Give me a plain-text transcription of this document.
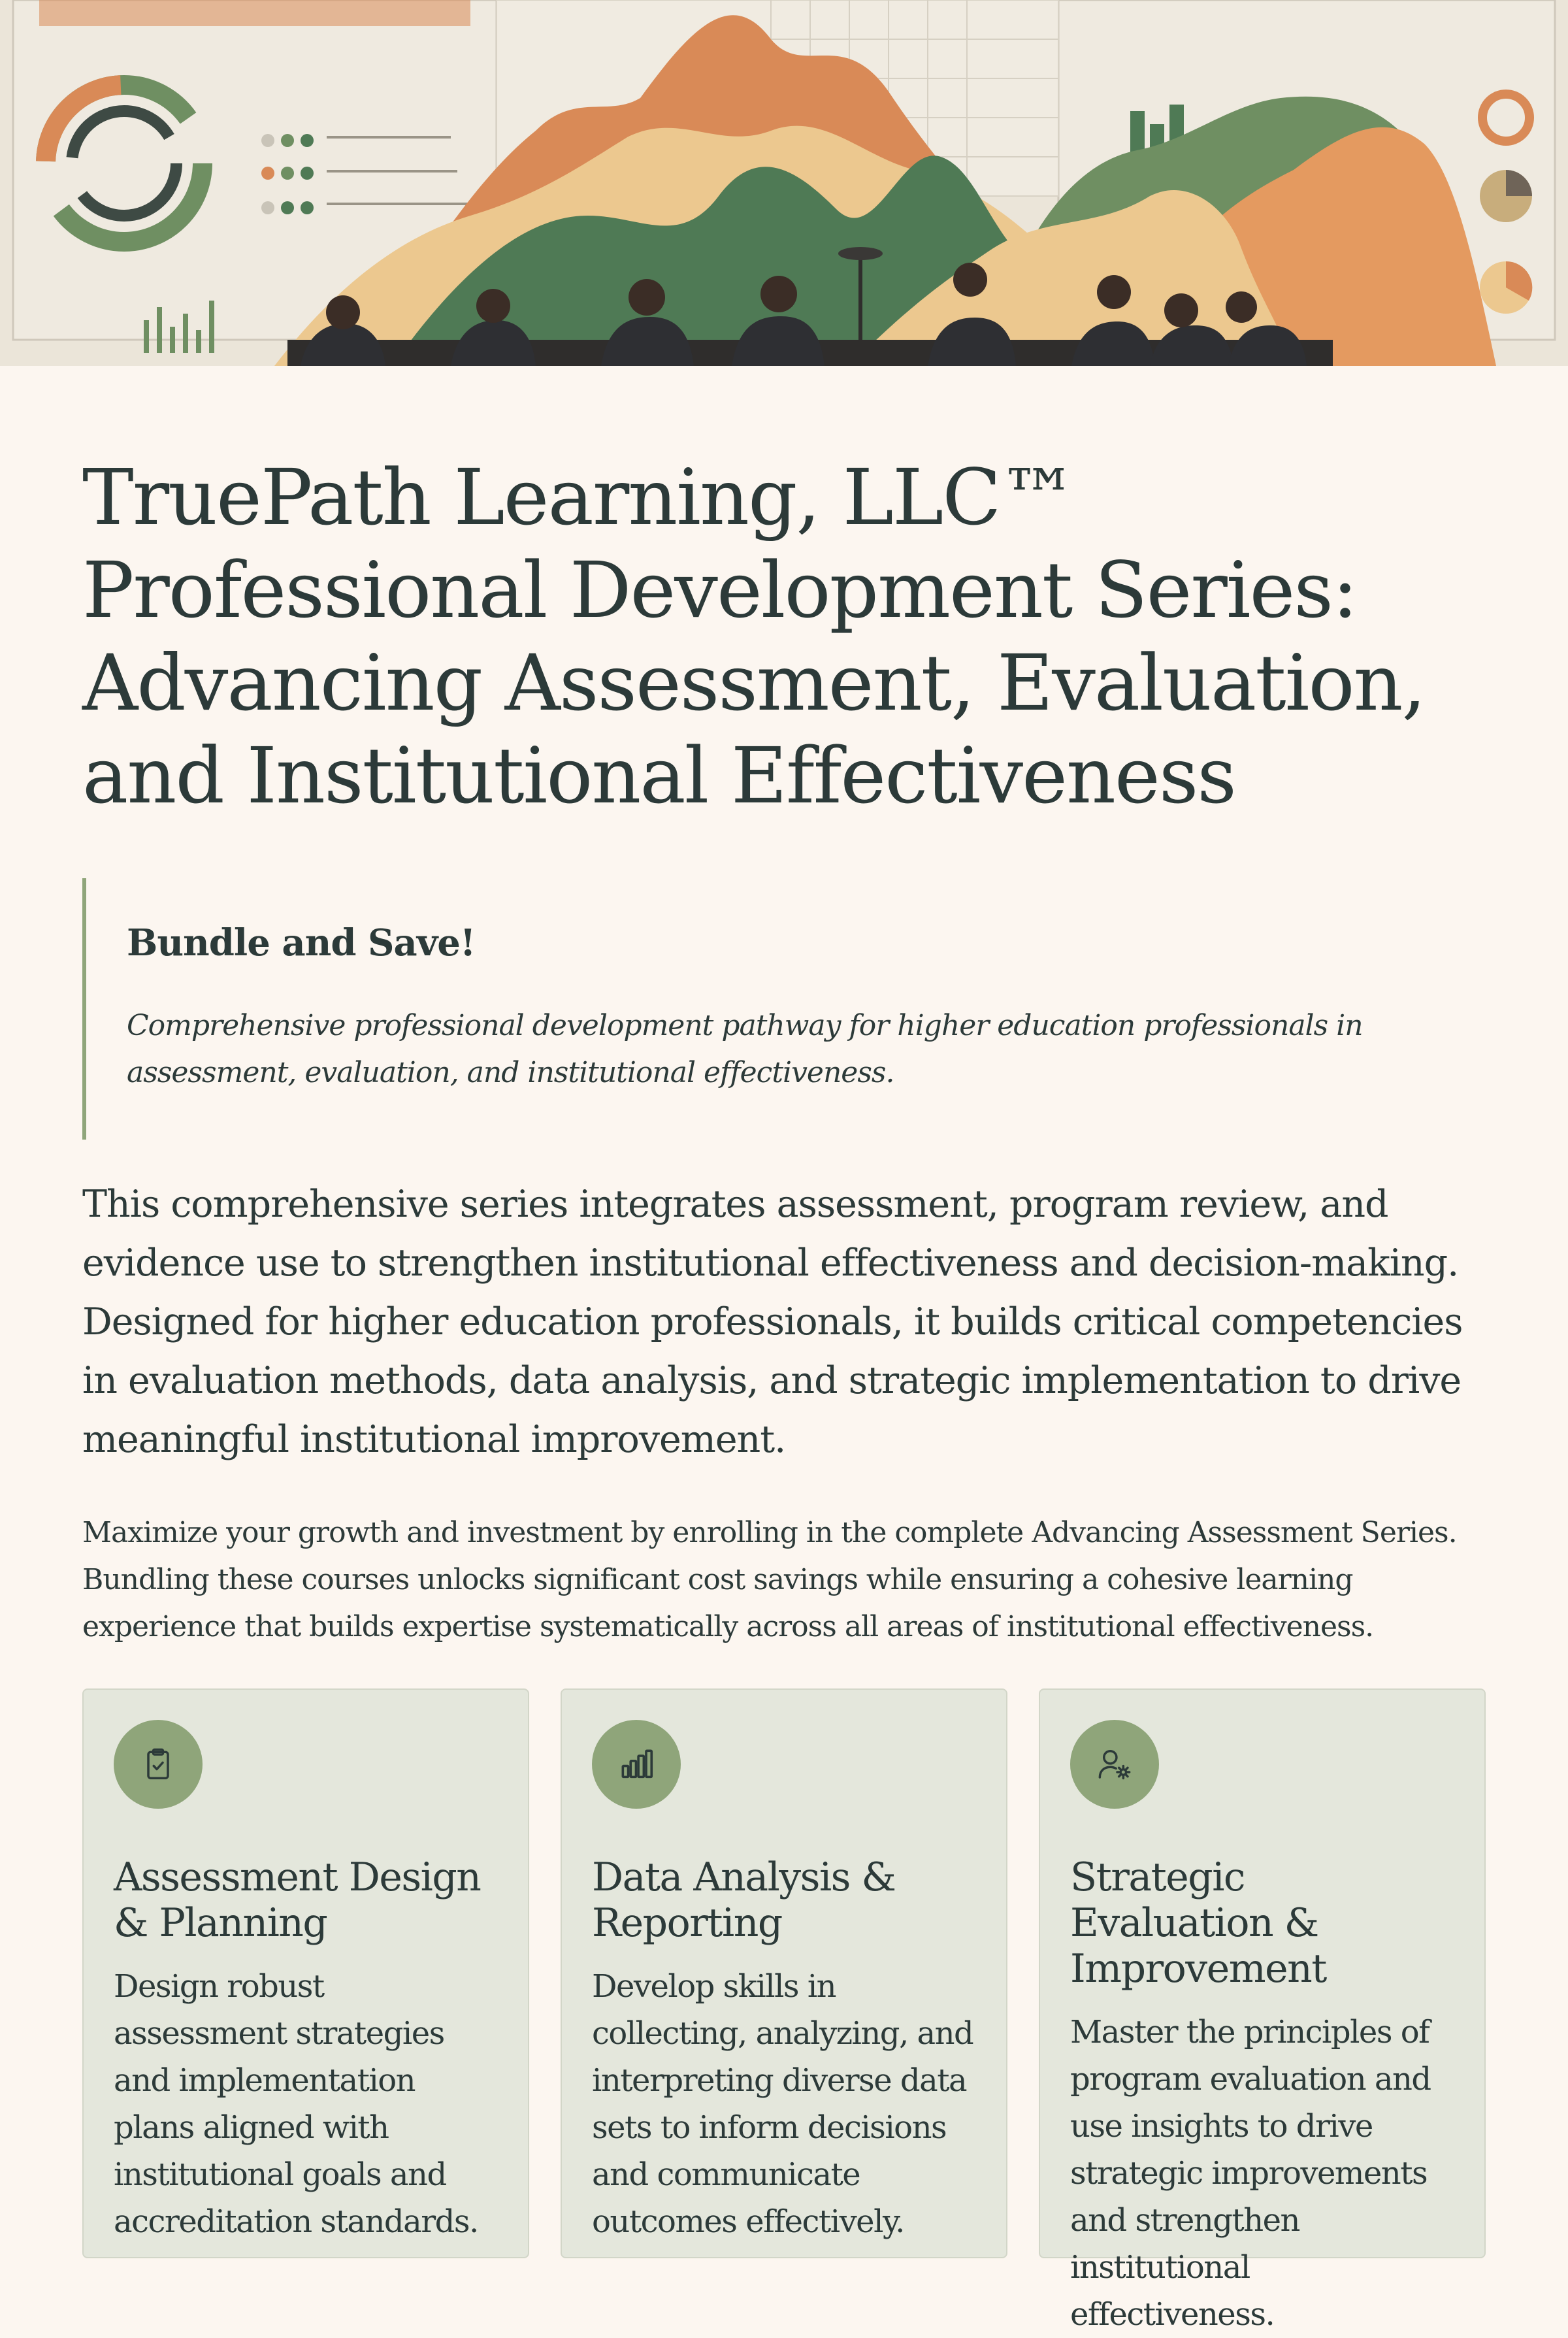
TruePath Learning, LLC™ Professional Development Series: Advancing Assessment, Evaluation, and Institutional Effectiveness
Bundle and Save!
Comprehensive professional development pathway for higher education professionals in assessment, evaluation, and institutional effectiveness.
This comprehensive series integrates assessment, program review, and evidence use to strengthen institutional effectiveness and decision-making. Designed for higher education professionals, it builds critical competencies in evaluation methods, data analysis, and strategic implementation to drive meaningful institutional improvement.
Maximize your growth and investment by enrolling in the complete Advancing Assessment Series. Bundling these courses unlocks significant cost savings while ensuring a cohesive learning experience that builds expertise systematically across all areas of institutional effectiveness.
Assessment Design & Planning
Design robust assessment strategies and implementation plans aligned with institutional goals and accreditation standards.
Data Analysis & Reporting
Develop skills in collecting, analyzing, and interpreting diverse data sets to inform decisions and communicate outcomes effectively.
Strategic Evaluation & Improvement
Master the principles of program evaluation and use insights to drive strategic improvements and strengthen institutional effectiveness.
